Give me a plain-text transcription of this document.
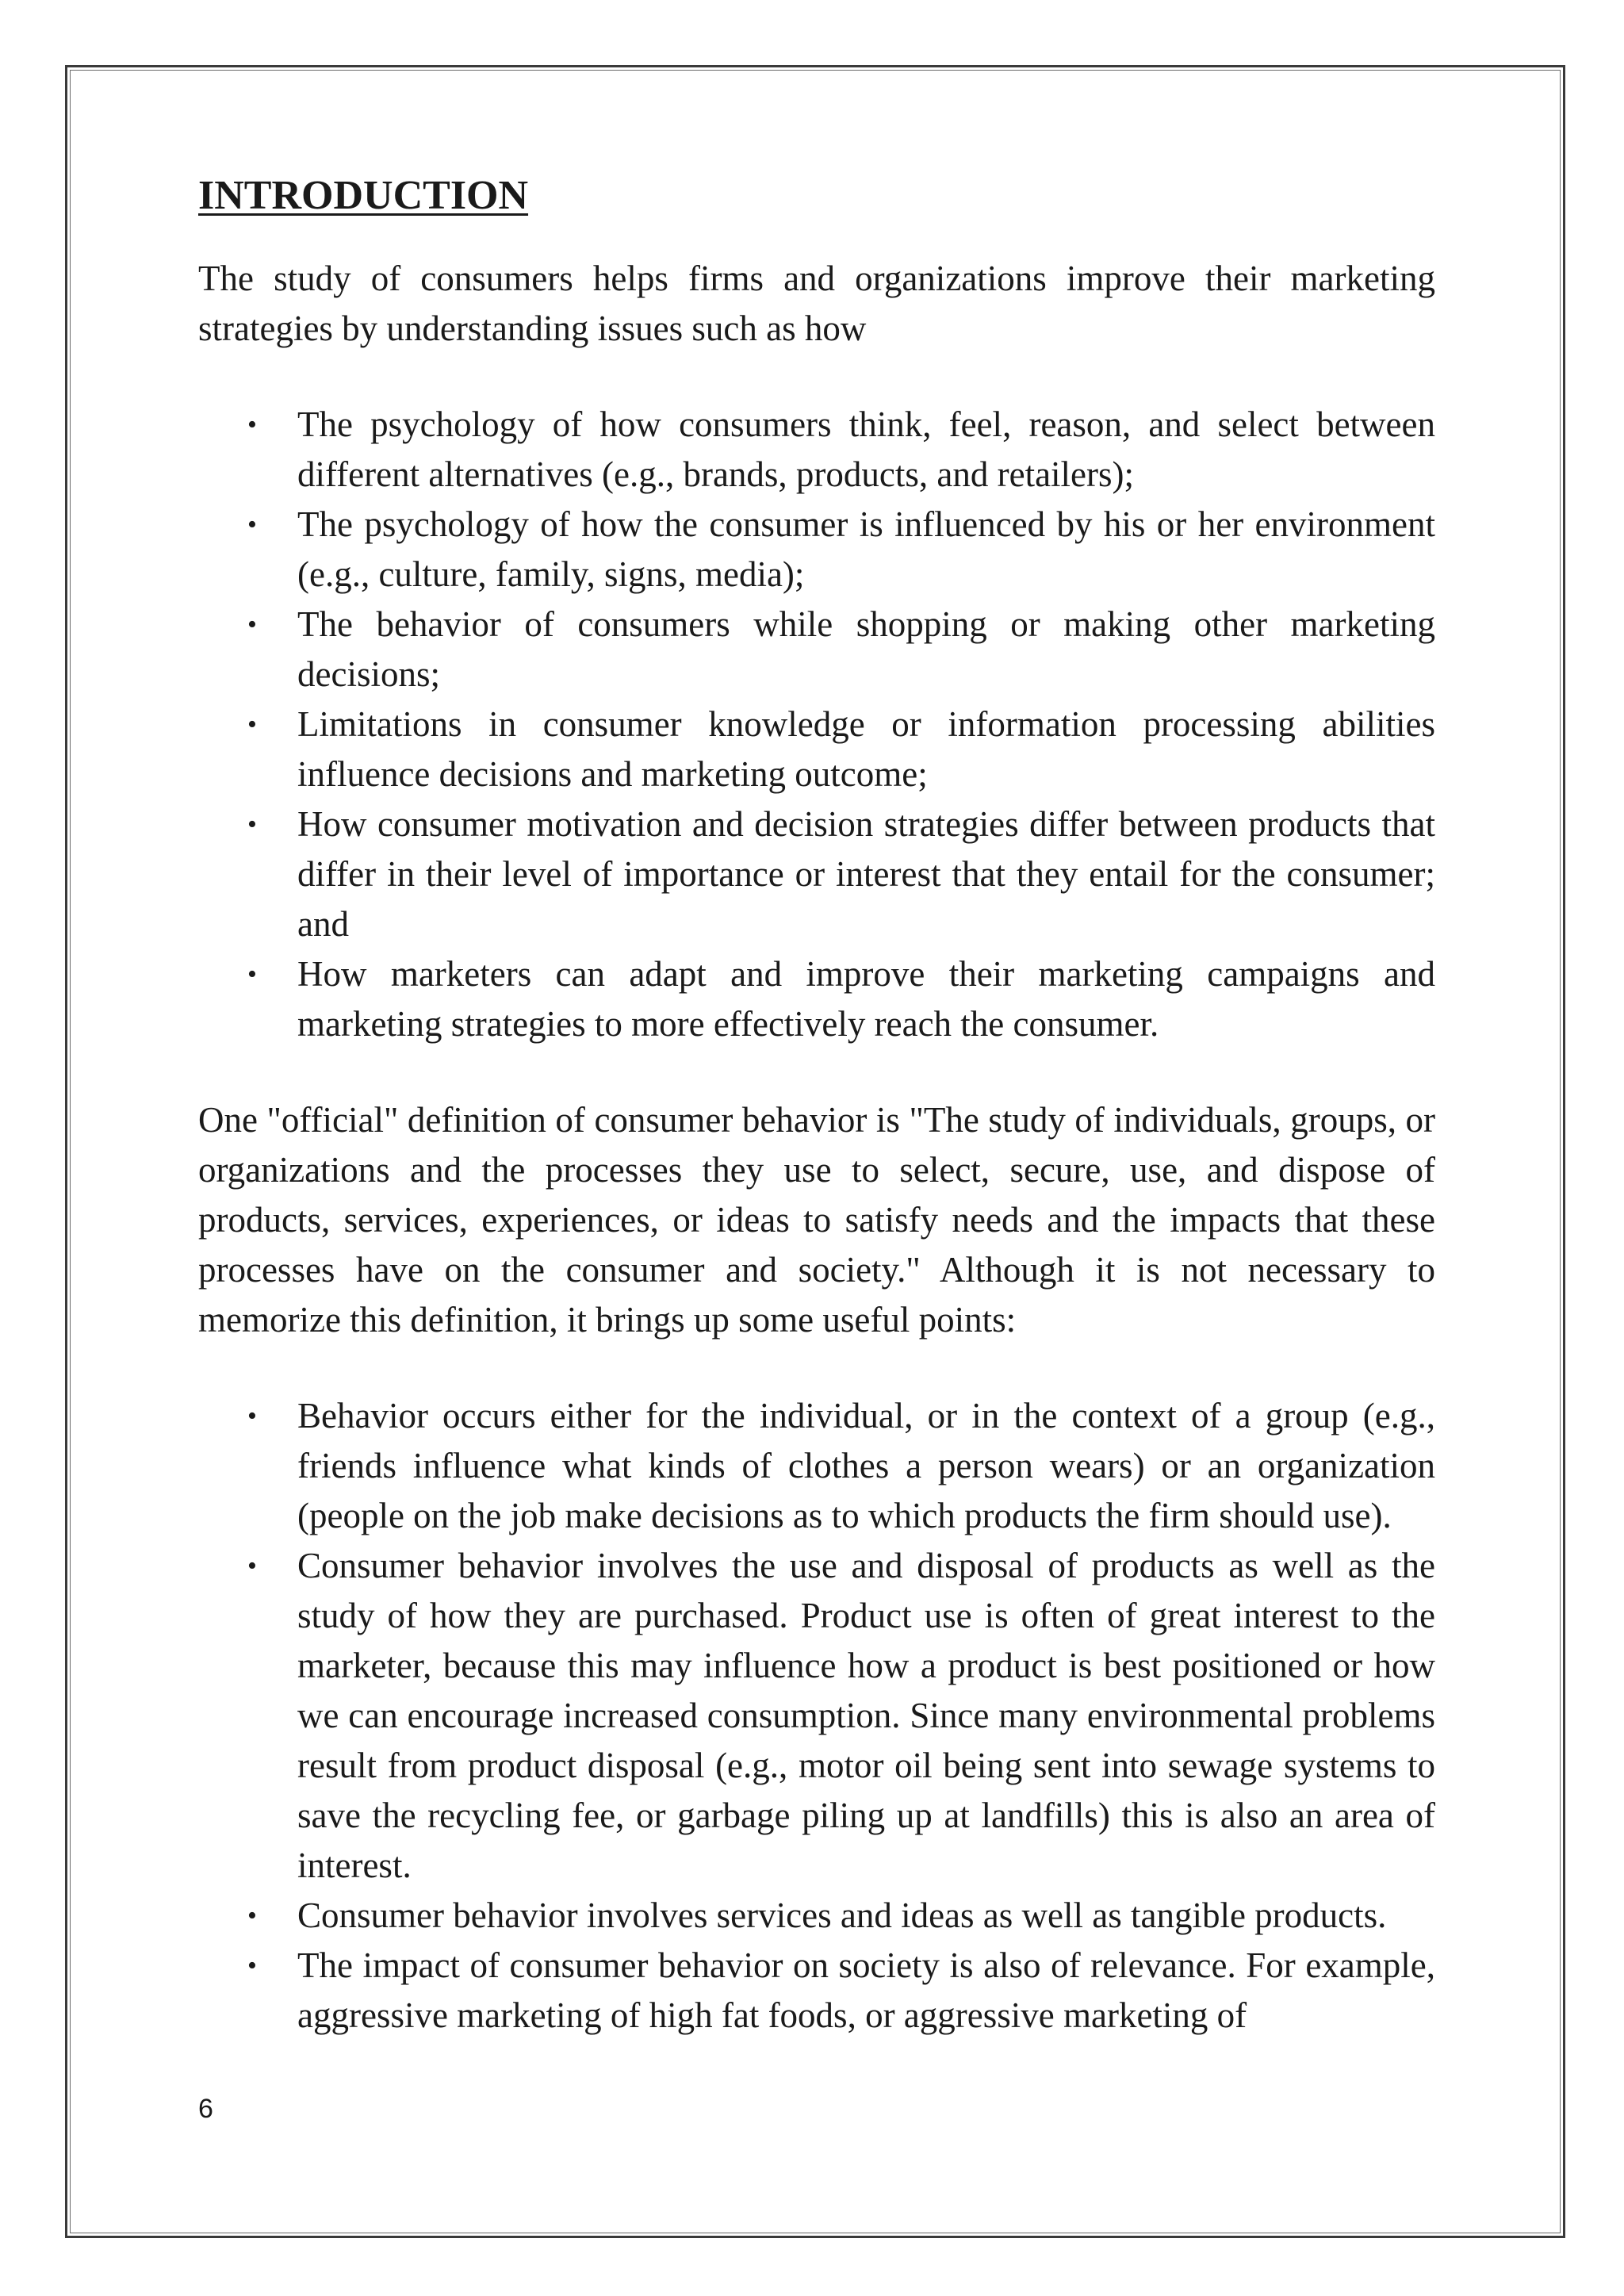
INTRODUCTION

The study of consumers helps firms and organizations improve their marketing strategies by understanding issues such as how

• The psychology of how consumers think, feel, reason, and select between different alternatives (e.g., brands, products, and retailers);
• The psychology of how the consumer is influenced by his or her environment (e.g., culture, family, signs, media);
• The behavior of consumers while shopping or making other marketing decisions;
• Limitations in consumer knowledge or information processing abilities influence decisions and marketing outcome;
• How consumer motivation and decision strategies differ between products that differ in their level of importance or interest that they entail for the consumer; and
• How marketers can adapt and improve their marketing campaigns and marketing strategies to more effectively reach the consumer.

One "official" definition of consumer behavior is "The study of individuals, groups, or organizations and the processes they use to select, secure, use, and dispose of products, services, experiences, or ideas to satisfy needs and the impacts that these processes have on the consumer and society." Although it is not necessary to memorize this definition, it brings up some useful points:

• Behavior occurs either for the individual, or in the context of a group (e.g., friends influence what kinds of clothes a person wears) or an organization (people on the job make decisions as to which products the firm should use).
• Consumer behavior involves the use and disposal of products as well as the study of how they are purchased. Product use is often of great interest to the marketer, because this may influence how a product is best positioned or how we can encourage increased consumption. Since many environmental problems result from product disposal (e.g., motor oil being sent into sewage systems to save the recycling fee, or garbage piling up at landfills) this is also an area of interest.
• Consumer behavior involves services and ideas as well as tangible products.
• The impact of consumer behavior on society is also of relevance. For example, aggressive marketing of high fat foods, or aggressive marketing of
6
